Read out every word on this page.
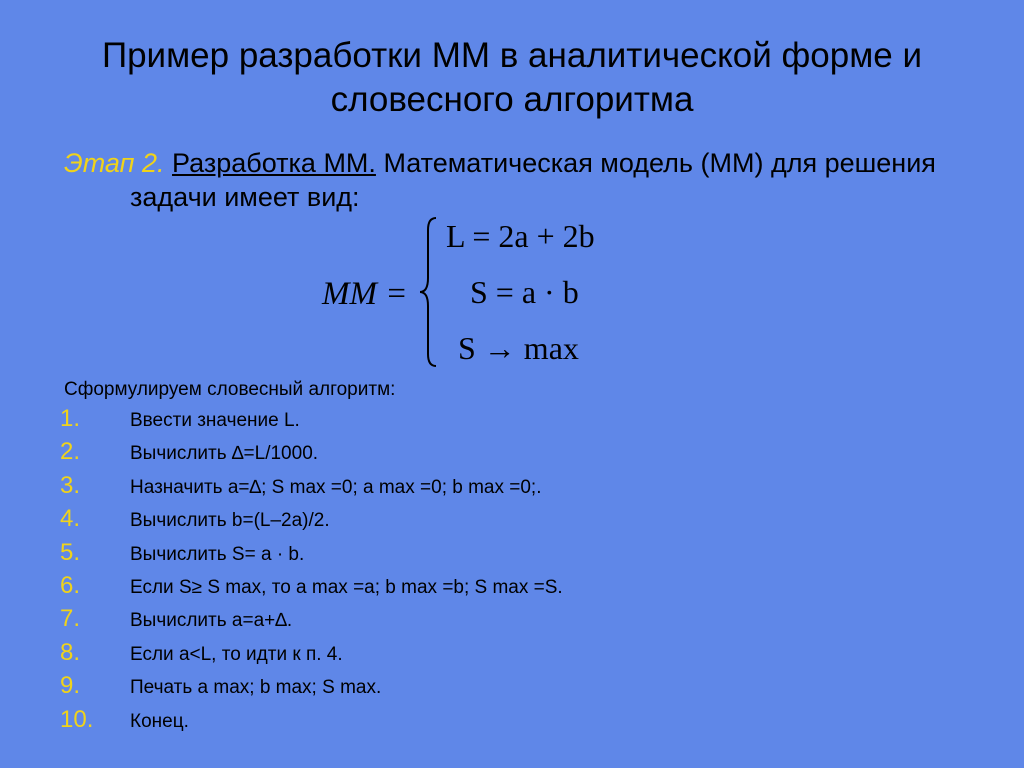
Пример разработки ММ в аналитической форме и
словесного алгоритма
Этап 2. Разработка ММ. Математическая модель (ММ) для решения
задачи имеет вид:
MM =
L = 2a + 2b
S = a · b
S → max
Сформулируем словесный алгоритм:
1.	Ввести значение L.
2.	Вычислить ∆=L/1000.
3.	Назначить a=∆; S max =0; a max =0; b max =0;.
4.	Вычислить b=(L–2a)/2.
5.	Вычислить S= a · b.
6.	Если S≥ S max, то a max =a; b max =b; S max =S.
7.	Вычислить a=a+∆.
8.	Если a<L, то идти к п. 4.
9.	Печать a max; b max; S max.
10. Конец.
